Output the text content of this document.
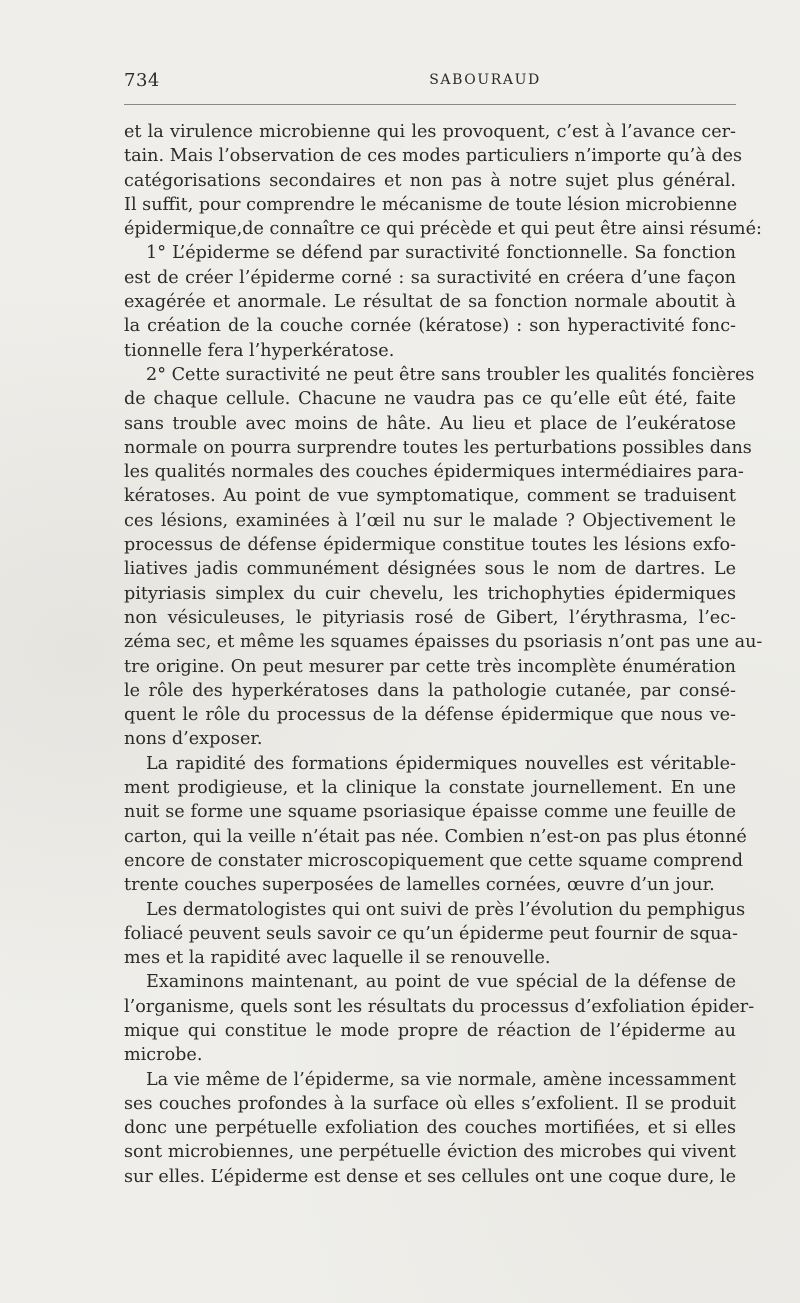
734	SABOURAUD
et la virulence microbienne qui les provoquent, c’est à l’avance cer-
tain. Mais l’observation de ces modes particuliers n’importe qu’à des
catégorisations secondaires et non pas à notre sujet plus général.
Il suffit, pour comprendre le mécanisme de toute lésion microbienne
épidermique,de connaître ce qui précède et qui peut être ainsi résumé:
1° L’épiderme se défend par suractivité fonctionnelle. Sa fonction
est de créer l’épiderme corné : sa suractivité en créera d’une façon
exagérée et anormale. Le résultat de sa fonction normale aboutit à
la création de la couche cornée (kératose) : son hyperactivité fonc-
tionnelle fera l’hyperkératose.
2° Cette suractivité ne peut être sans troubler les qualités foncières
de chaque cellule. Chacune ne vaudra pas ce qu’elle eût été, faite
sans trouble avec moins de hâte. Au lieu et place de l’eukératose
normale on pourra surprendre toutes les perturbations possibles dans
les qualités normales des couches épidermiques intermédiaires para-
kératoses. Au point de vue symptomatique, comment se traduisent
ces lésions, examinées à l’œil nu sur le malade ? Objectivement le
processus de défense épidermique constitue toutes les lésions exfo-
liatives jadis communément désignées sous le nom de dartres. Le
pityriasis simplex du cuir chevelu, les trichophyties épidermiques
non vésiculeuses, le pityriasis rosé de Gibert, l’érythrasma, l’ec-
zéma sec, et même les squames épaisses du psoriasis n’ont pas une au-
tre origine. On peut mesurer par cette très incomplète énumération
le rôle des hyperkératoses dans la pathologie cutanée, par consé-
quent le rôle du processus de la défense épidermique que nous ve-
nons d’exposer.
La rapidité des formations épidermiques nouvelles est véritable-
ment prodigieuse, et la clinique la constate journellement. En une
nuit se forme une squame psoriasique épaisse comme une feuille de
carton, qui la veille n’était pas née. Combien n’est-on pas plus étonné
encore de constater microscopiquement que cette squame comprend
trente couches superposées de lamelles cornées, œuvre d’un jour.
Les dermatologistes qui ont suivi de près l’évolution du pemphigus
foliacé peuvent seuls savoir ce qu’un épiderme peut fournir de squa-
mes et la rapidité avec laquelle il se renouvelle.
Examinons maintenant, au point de vue spécial de la défense de
l’organisme, quels sont les résultats du processus d’exfoliation épider-
mique qui constitue le mode propre de réaction de l’épiderme au
microbe.
La vie même de l’épiderme, sa vie normale, amène incessamment
ses couches profondes à la surface où elles s’exfolient. Il se produit
donc une perpétuelle exfoliation des couches mortifiées, et si elles
sont microbiennes, une perpétuelle éviction des microbes qui vivent
sur elles. L’épiderme est dense et ses cellules ont une coque dure, le
